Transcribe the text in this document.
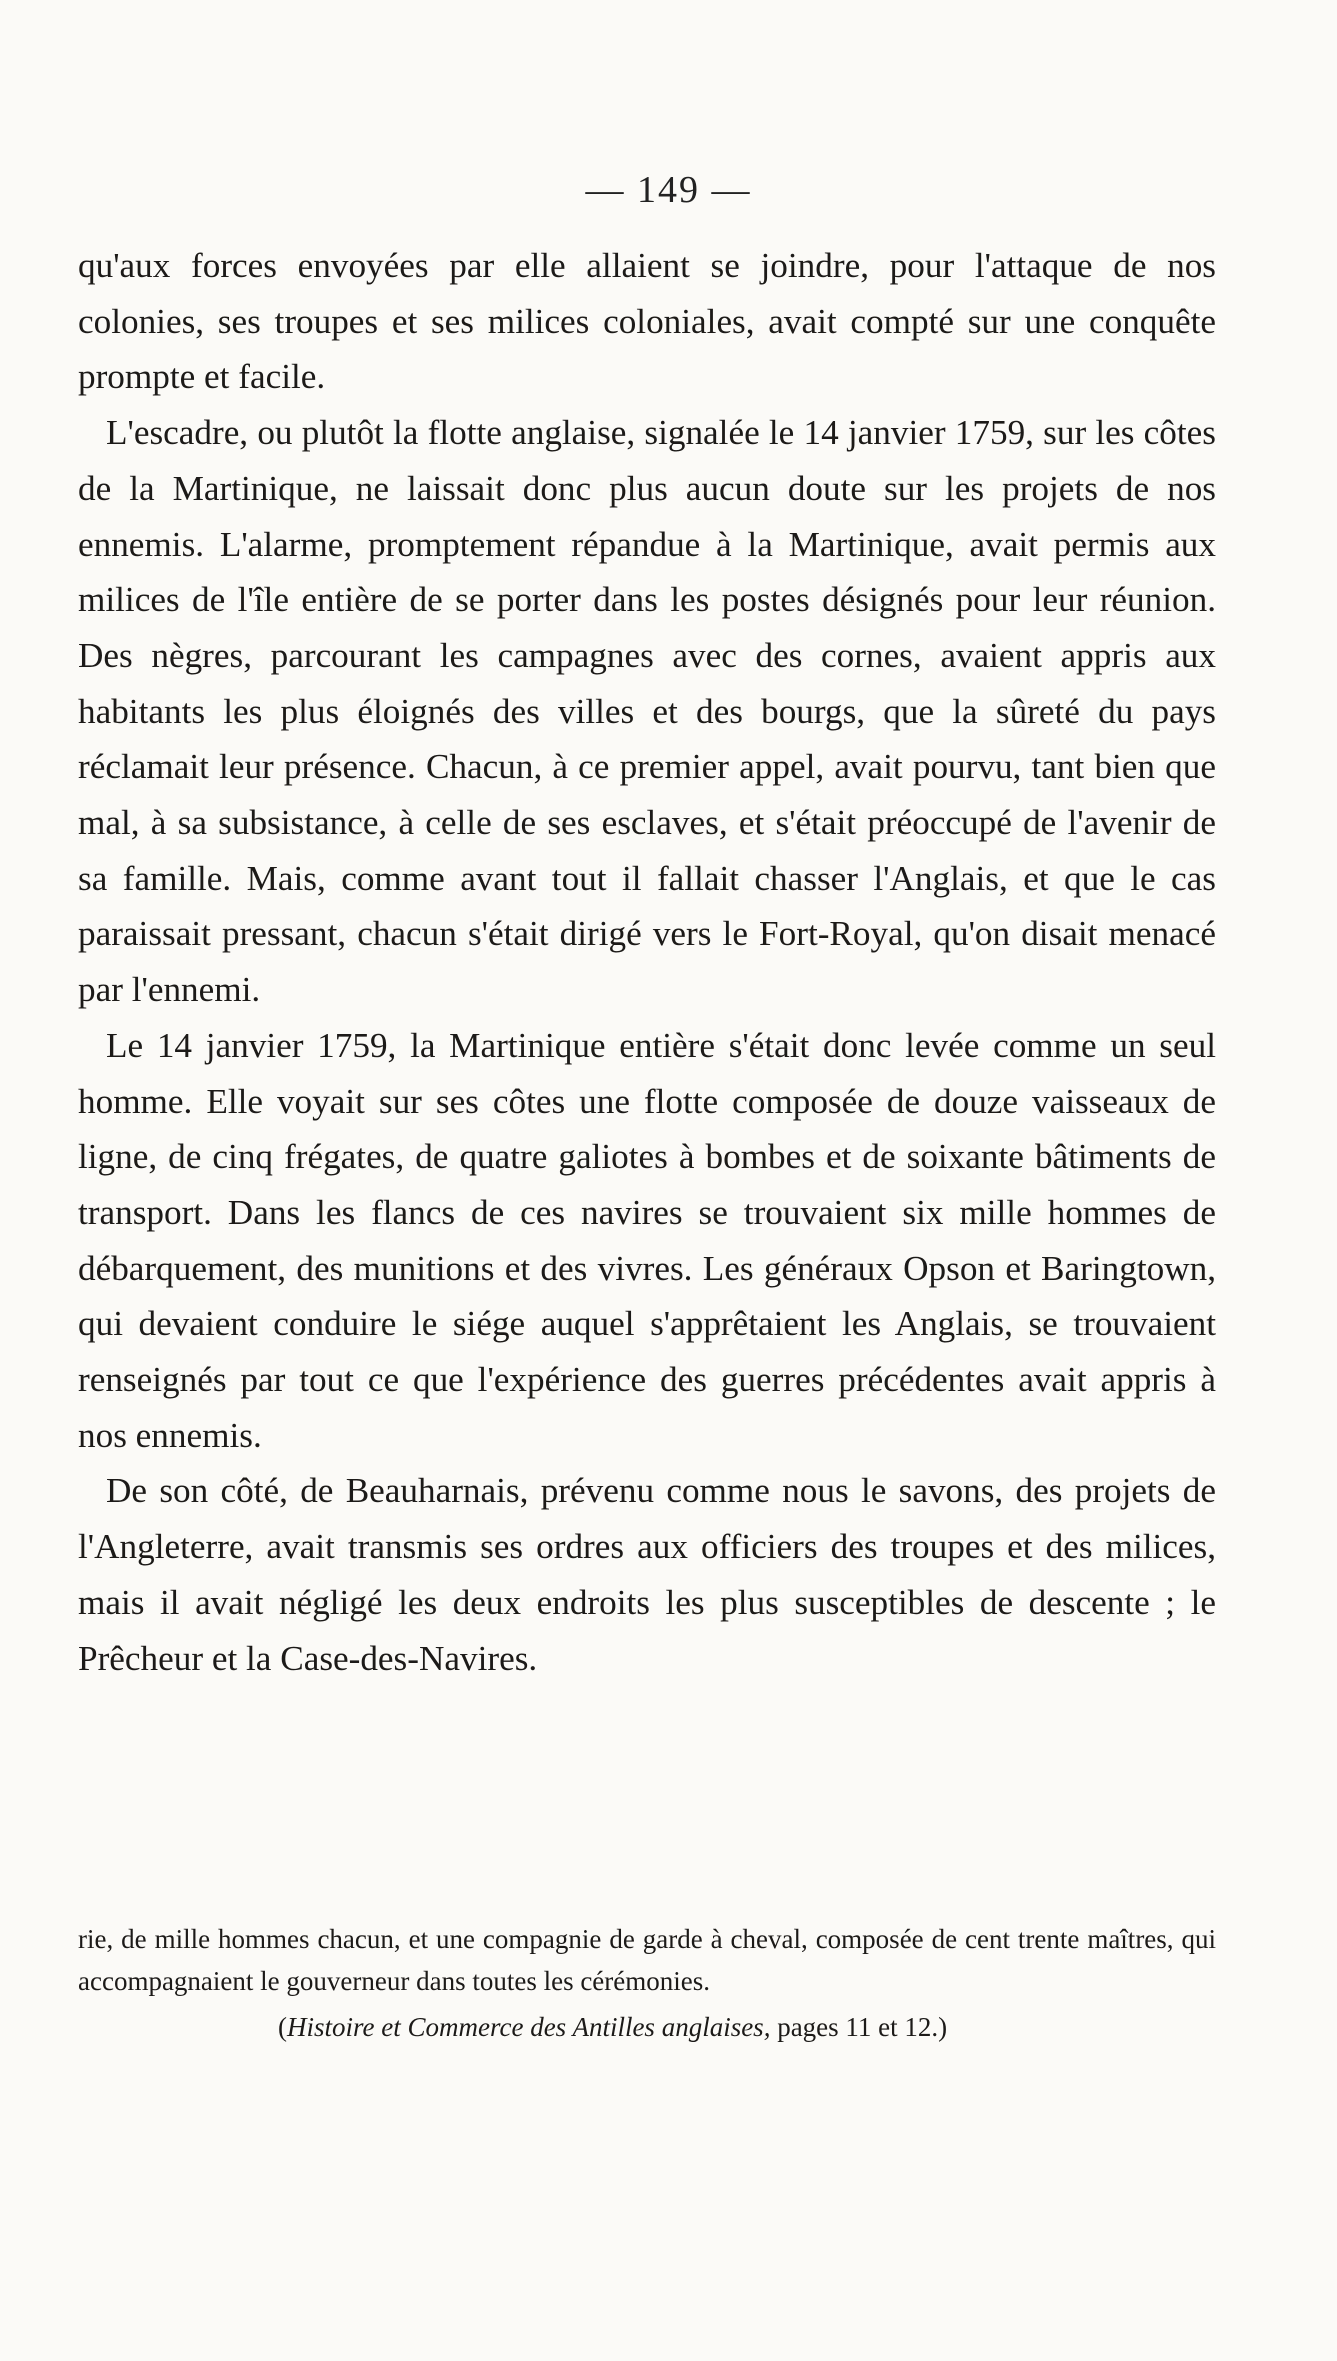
— 149 —

qu'aux forces envoyées par elle allaient se joindre, pour l'attaque de nos colonies, ses troupes et ses milices coloniales, avait compté sur une conquête prompte et facile.

L'escadre, ou plutôt la flotte anglaise, signalée le 14 janvier 1759, sur les côtes de la Martinique, ne laissait donc plus aucun doute sur les projets de nos ennemis. L'alarme, promptement répandue à la Martinique, avait permis aux milices de l'île entière de se porter dans les postes désignés pour leur réunion. Des nègres, parcourant les campagnes avec des cornes, avaient appris aux habitants les plus éloignés des villes et des bourgs, que la sûreté du pays réclamait leur présence. Chacun, à ce premier appel, avait pourvu, tant bien que mal, à sa subsistance, à celle de ses esclaves, et s'était préoccupé de l'avenir de sa famille. Mais, comme avant tout il fallait chasser l'Anglais, et que le cas paraissait pressant, chacun s'était dirigé vers le Fort-Royal, qu'on disait menacé par l'ennemi.

Le 14 janvier 1759, la Martinique entière s'était donc levée comme un seul homme. Elle voyait sur ses côtes une flotte composée de douze vaisseaux de ligne, de cinq frégates, de quatre galiotes à bombes et de soixante bâtiments de transport. Dans les flancs de ces navires se trouvaient six mille hommes de débarquement, des munitions et des vivres. Les généraux Opson et Baringtown, qui devaient conduire le siége auquel s'apprêtaient les Anglais, se trouvaient renseignés par tout ce que l'expérience des guerres précédentes avait appris à nos ennemis.

De son côté, de Beauharnais, prévenu comme nous le savons, des projets de l'Angleterre, avait transmis ses ordres aux officiers des troupes et des milices, mais il avait négligé les deux endroits les plus susceptibles de descente ; le Prêcheur et la Case-des-Navires.

rie, de mille hommes chacun, et une compagnie de garde à cheval, composée de cent trente maîtres, qui accompagnaient le gouverneur dans toutes les cérémonies.

(Histoire et Commerce des Antilles anglaises, pages 11 et 12.)
